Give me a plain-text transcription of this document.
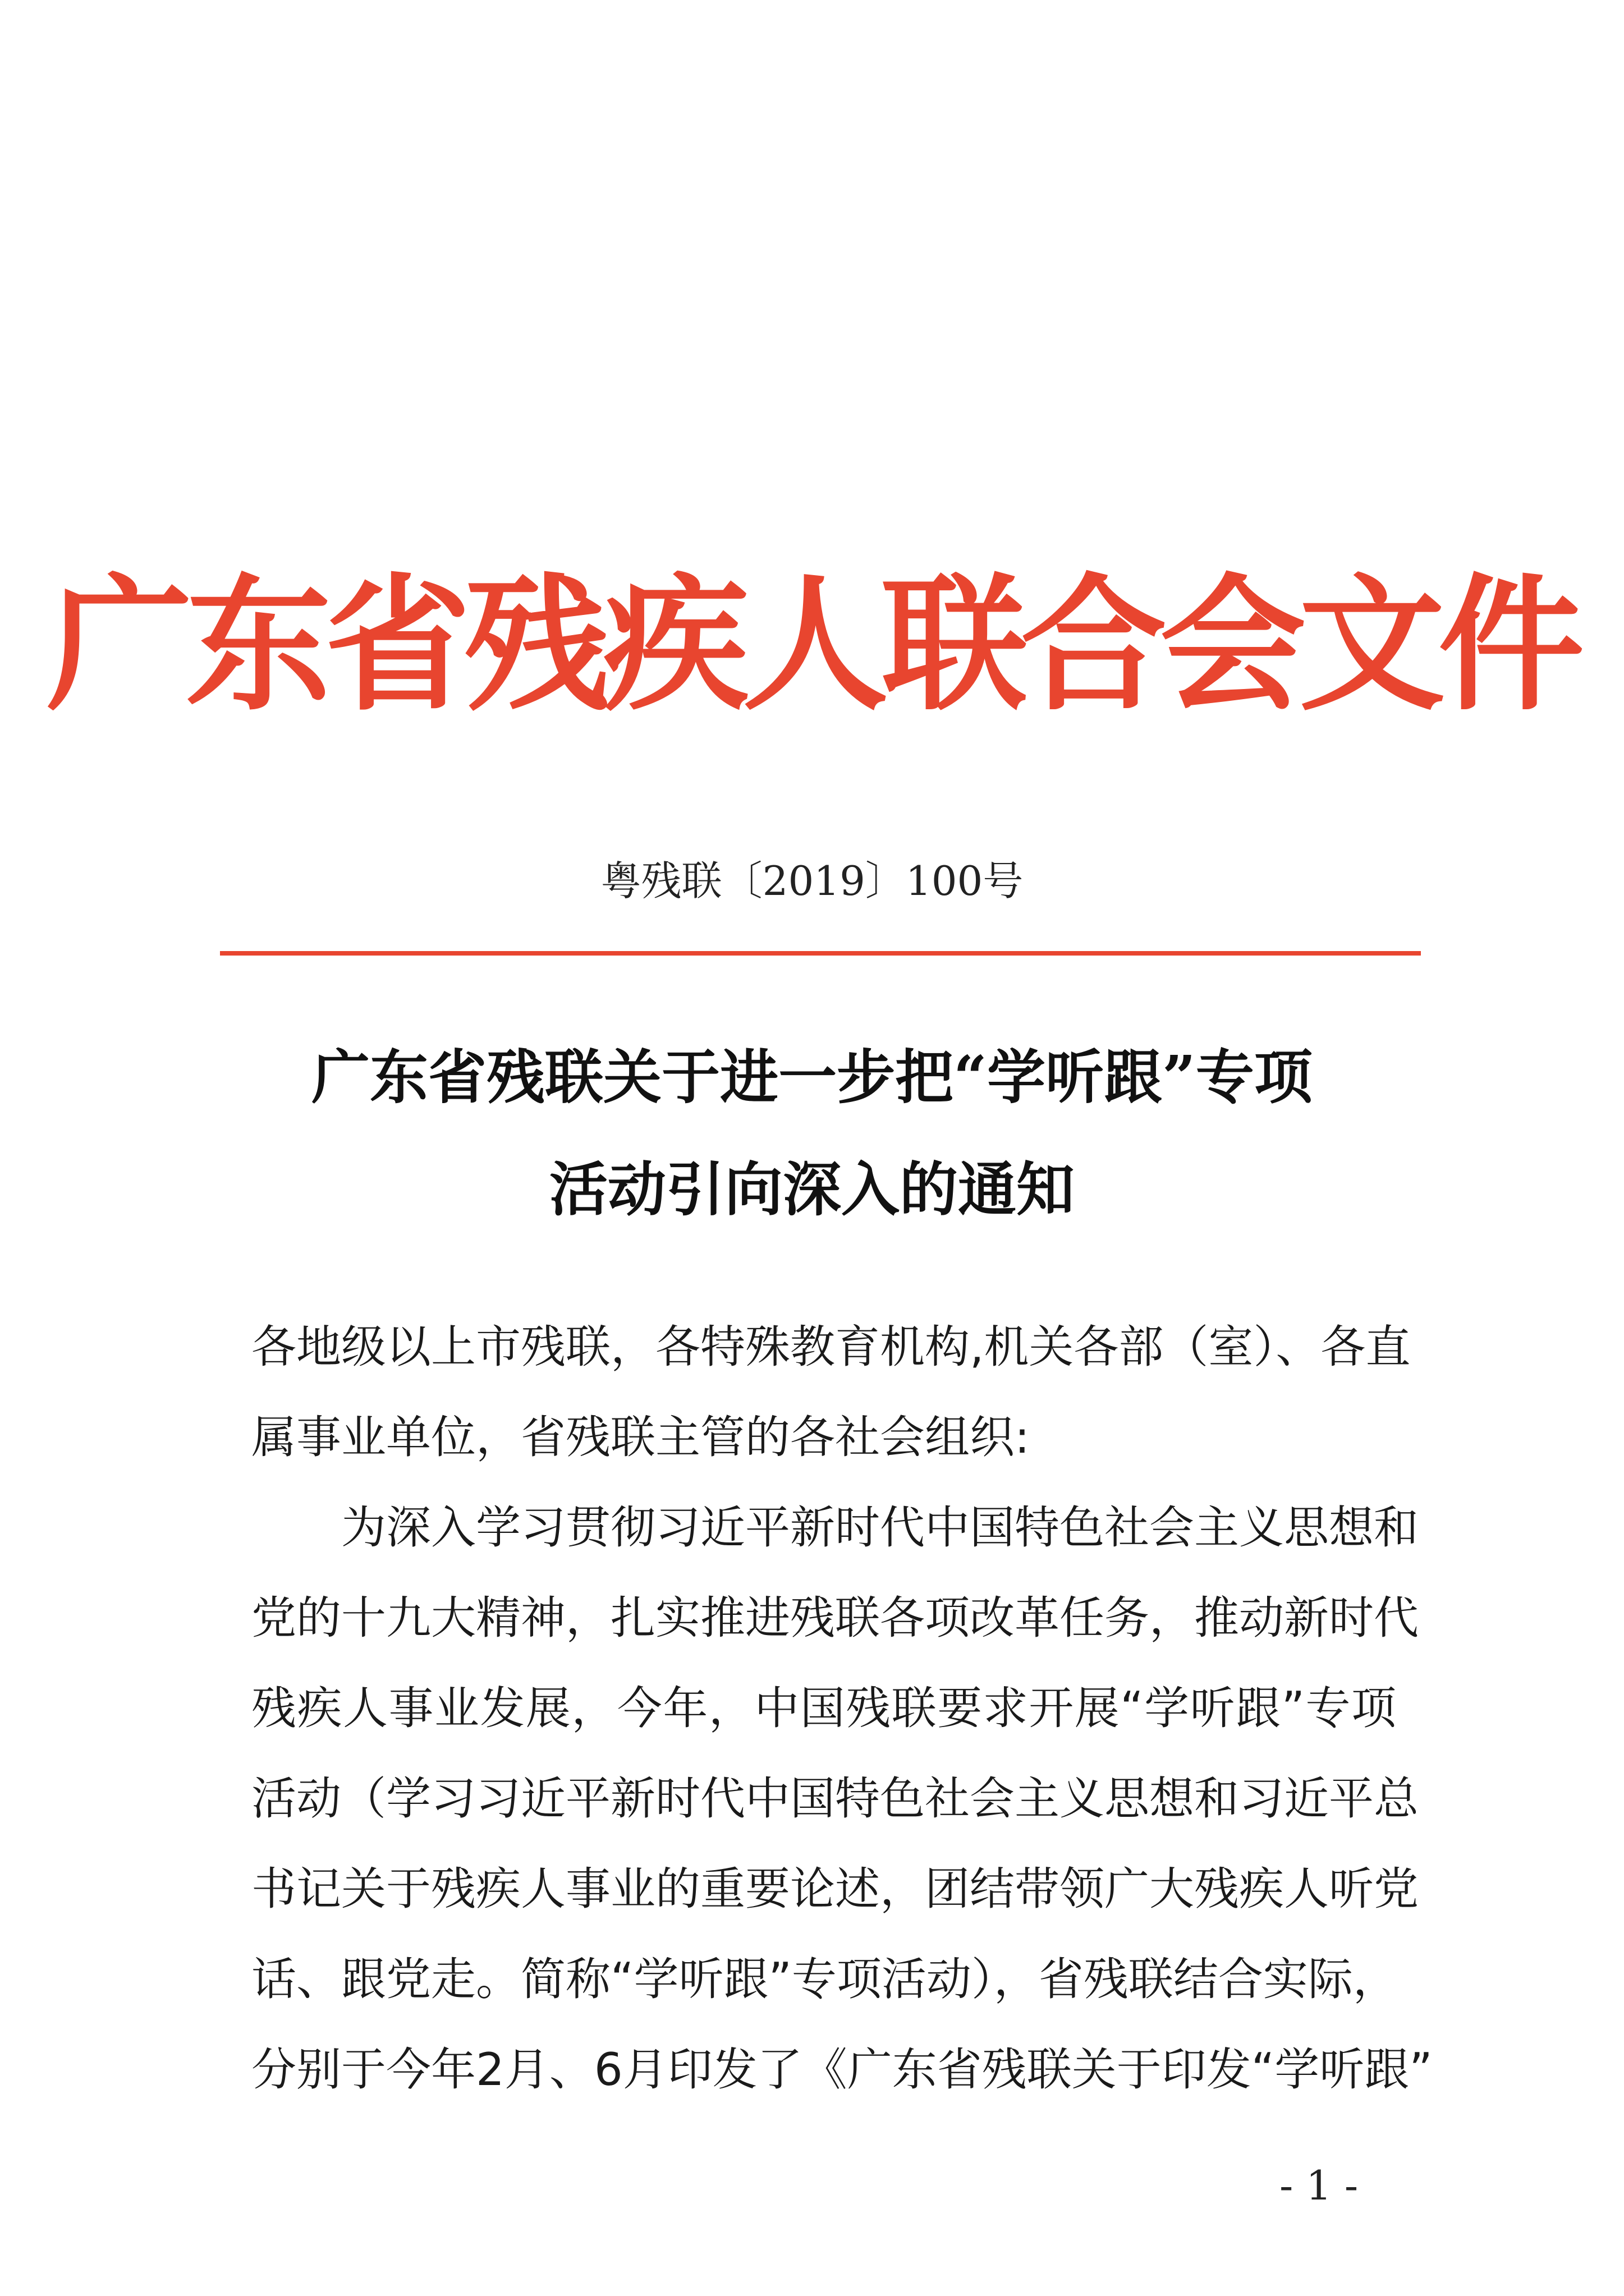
广东省残疾人联合会文件
粤残联〔2019〕100号
广东省残联关于进一步把“学听跟”专项
活动引向深入的通知
各地级以上市残联，各特殊教育机构,机关各部（室）、各直
属事业单位，省残联主管的各社会组织:
为深入学习贯彻习近平新时代中国特色社会主义思想和
党的十九大精神，扎实推进残联各项改革任务，推动新时代
残疾人事业发展，今年，中国残联要求开展“学听跟”专项
活动（学习习近平新时代中国特色社会主义思想和习近平总
书记关于残疾人事业的重要论述，团结带领广大残疾人听党
话、跟党走。简称“学听跟”专项活动），省残联结合实际，
分别于今年2月、6月印发了《广东省残联关于印发“学听跟”
- 1 -
